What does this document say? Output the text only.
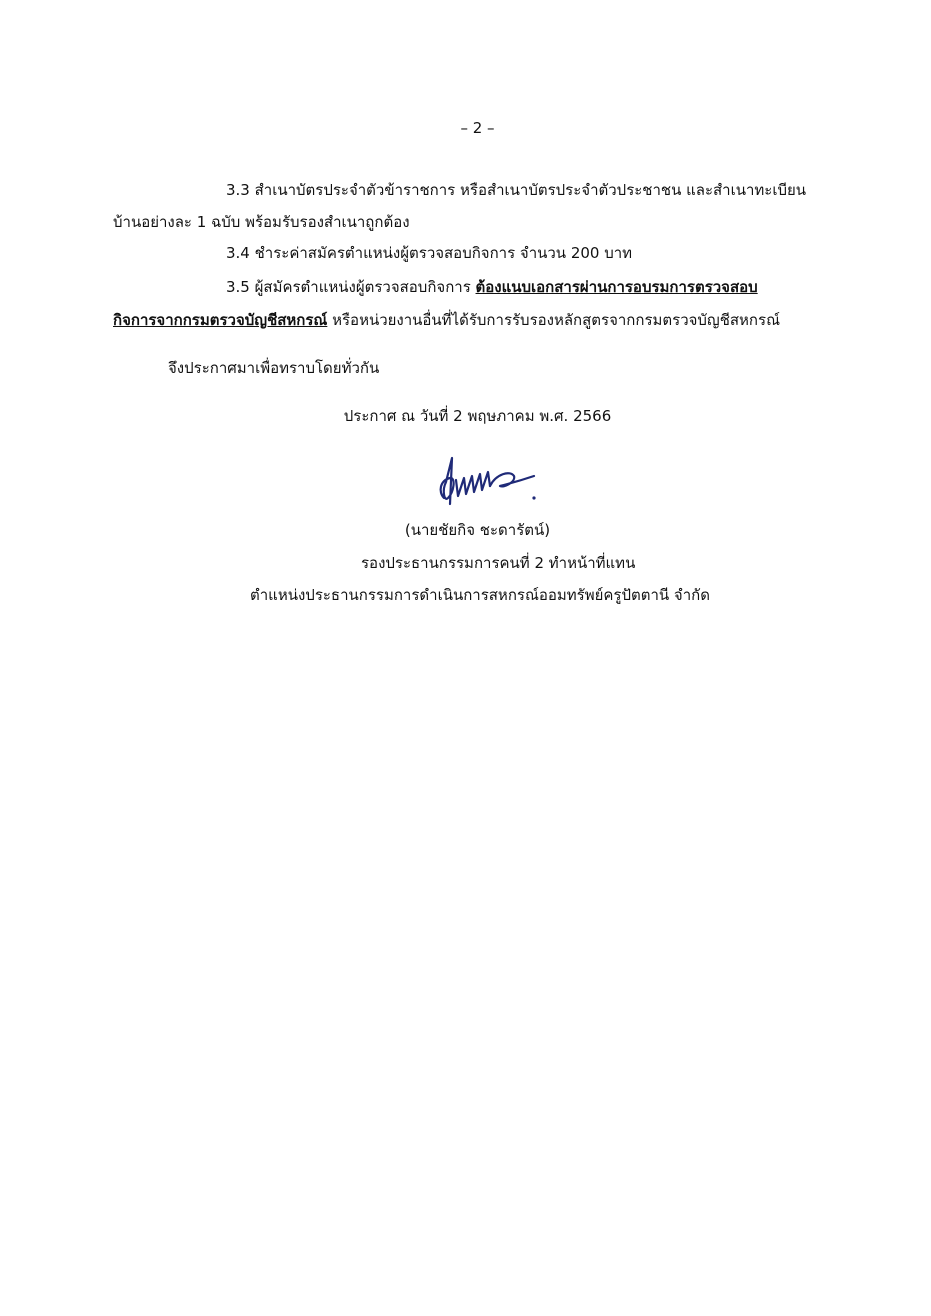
– 2 –
3.3 สำเนาบัตรประจำตัวข้าราชการ หรือสำเนาบัตรประจำตัวประชาชน และสำเนาทะเบียน
บ้านอย่างละ 1 ฉบับ พร้อมรับรองสำเนาถูกต้อง
3.4 ชำระค่าสมัครตำแหน่งผู้ตรวจสอบกิจการ จำนวน 200 บาท
3.5 ผู้สมัครตำแหน่งผู้ตรวจสอบกิจการ ต้องแนบเอกสารผ่านการอบรมการตรวจสอบ
กิจการจากกรมตรวจบัญชีสหกรณ์ หรือหน่วยงานอื่นที่ได้รับการรับรองหลักสูตรจากกรมตรวจบัญชีสหกรณ์
จึงประกาศมาเพื่อทราบโดยทั่วกัน
ประกาศ ณ วันที่ 2 พฤษภาคม พ.ศ. 2566
(นายชัยกิจ ชะดารัตน์)
รองประธานกรรมการคนที่ 2 ทำหน้าที่แทน
ตำแหน่งประธานกรรมการดำเนินการสหกรณ์ออมทรัพย์ครูปัตตานี จำกัด
